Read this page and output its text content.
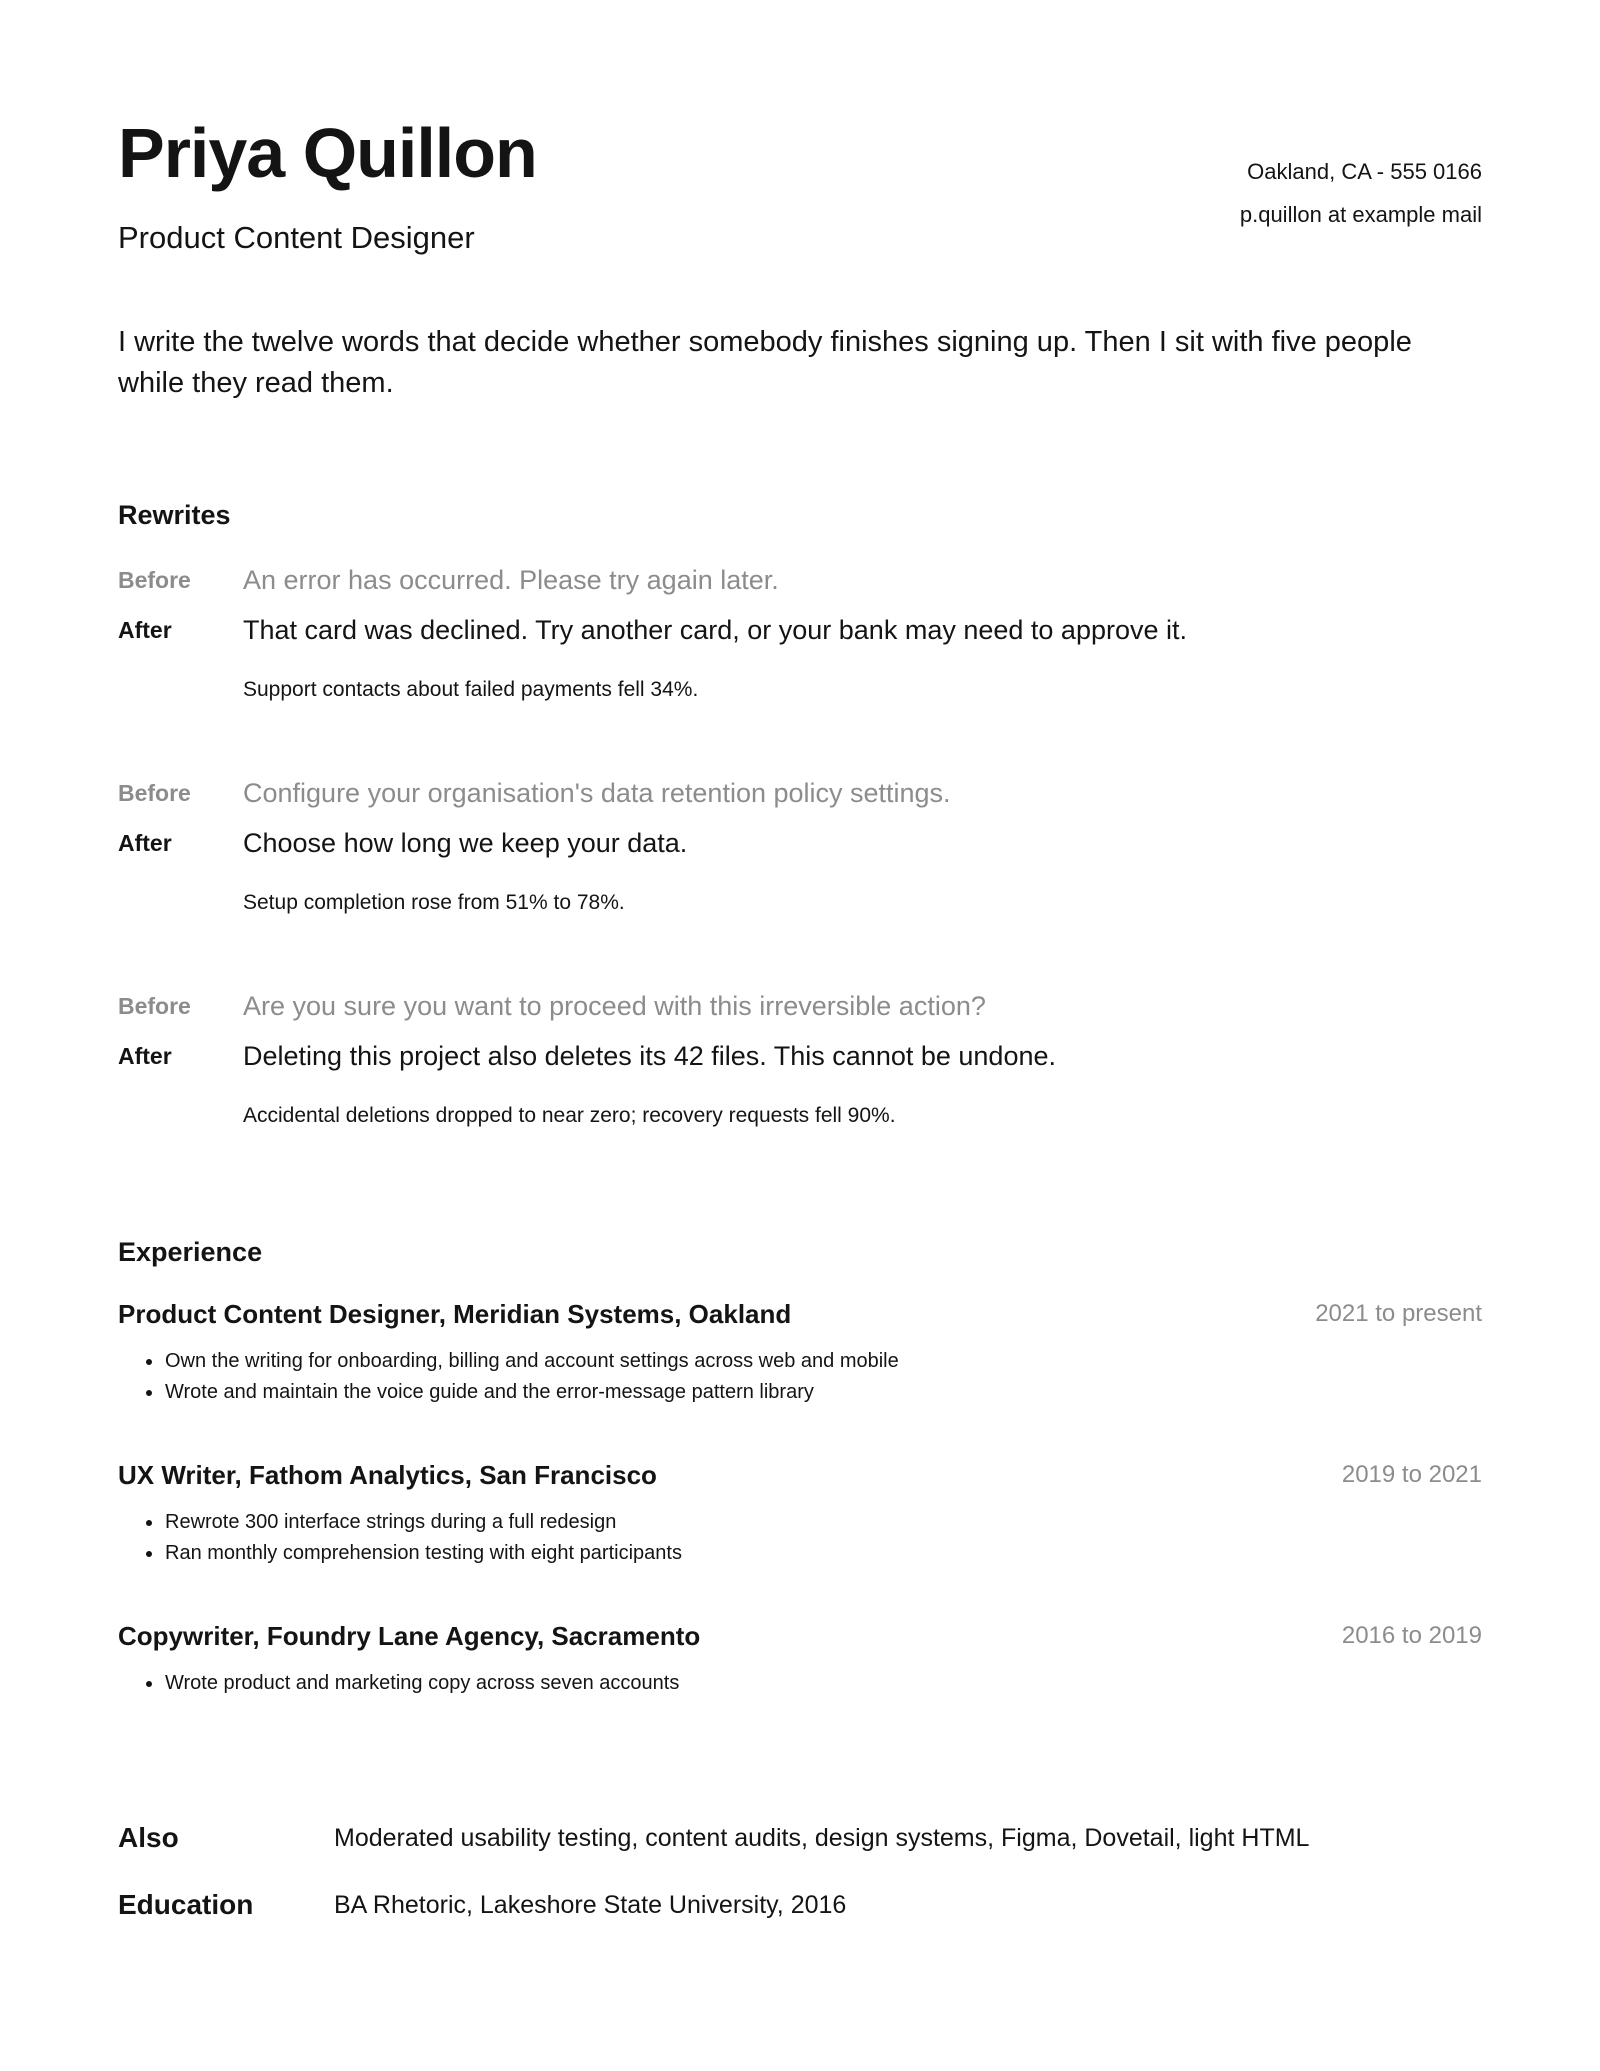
Priya Quillon
Product Content Designer
Oakland, CA - 555 0166
p.quillon at example mail

I write the twelve words that decide whether somebody finishes signing up. Then I sit with five people while they read them.

Rewrites
Before An error has occurred. Please try again later.
After	That card was declined. Try another card, or your bank may need to approve it.
Support contacts about failed payments fell 34%.
Before Configure your organisation's data retention policy settings.
After	Choose how long we keep your data.
Setup completion rose from 51% to 78%.
Before Are you sure you want to proceed with this irreversible action?
After	Deleting this project also deletes its 42 files. This cannot be undone.
Accidental deletions dropped to near zero; recovery requests fell 90%.
Experience
Product Content Designer, Meridian Systems, Oakland	2021 to present
Own the writing for onboarding, billing and account settings across web and mobile
Wrote and maintain the voice guide and the error-message pattern library
UX Writer, Fathom Analytics, San Francisco	2019 to 2021
Rewrote 300 interface strings during a full redesign
Ran monthly comprehension testing with eight participants
Copywriter, Foundry Lane Agency, Sacramento	2016 to 2019
Wrote product and marketing copy across seven accounts
Also	Moderated usability testing, content audits, design systems, Figma, Dovetail, light HTML
Education	BA Rhetoric, Lakeshore State University, 2016
